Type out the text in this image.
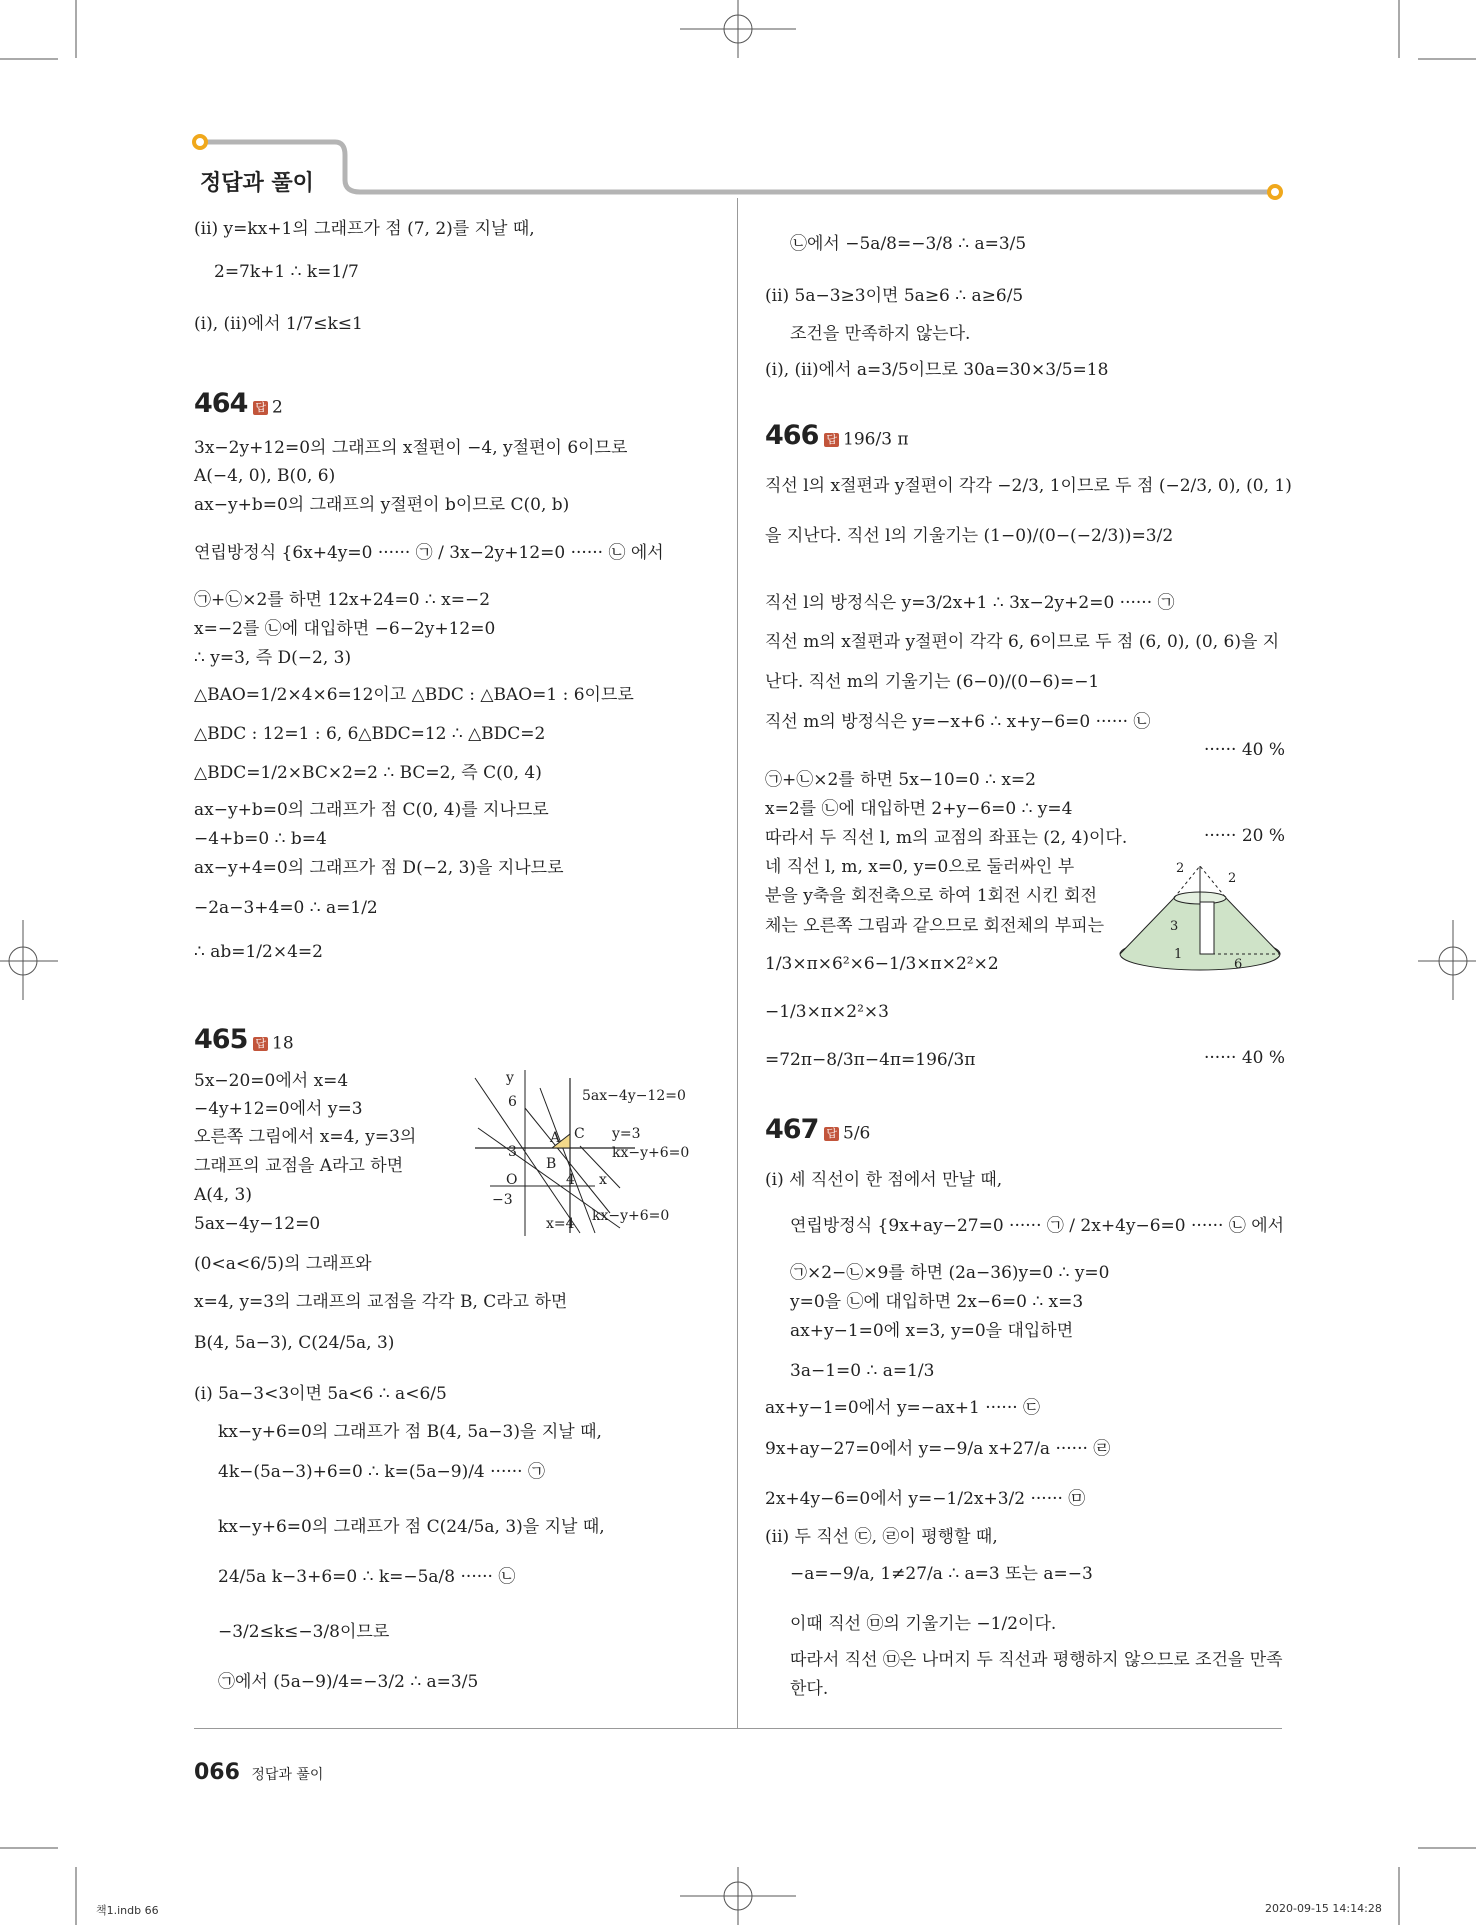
정답과 풀이
(ii) y=kx+1의 그래프가 점 (7, 2)를 지날 때,
2=7k+1 ∴ k=1/7
(i), (ii)에서 1/7≤k≤1
464 답 2
3x−2y+12=0의 그래프의 x절편이 −4, y절편이 6이므로
A(−4, 0), B(0, 6)
ax−y+b=0의 그래프의 y절편이 b이므로 C(0, b)
연립방정식 {6x+4y=0 ······ ㉠ / 3x−2y+12=0 ······ ㉡ 에서
㉠+㉡×2를 하면 12x+24=0 ∴ x=−2
x=−2를 ㉡에 대입하면 −6−2y+12=0
∴ y=3, 즉 D(−2, 3)
△BAO=1/2×4×6=12이고 △BDC : △BAO=1 : 6이므로
△BDC : 12=1 : 6, 6△BDC=12 ∴ △BDC=2
△BDC=1/2×BC×2=2 ∴ BC=2, 즉 C(0, 4)
ax−y+b=0의 그래프가 점 C(0, 4)를 지나므로
−4+b=0 ∴ b=4
ax−y+4=0의 그래프가 점 D(−2, 3)을 지나므로
−2a−3+4=0 ∴ a=1/2
∴ ab=1/2×4=2
465 답 18
5x−20=0에서 x=4
−4y+12=0에서 y=3
오른쪽 그림에서 x=4, y=3의
그래프의 교점을 A라고 하면
A(4, 3)
5ax−4y−12=0
(0<a<6/5)의 그래프와
x=4, y=3의 그래프의 교점을 각각 B, C라고 하면
B(4, 5a−3), C(24/5a, 3)
(i) 5a−3<3이면 5a<6 ∴ a<6/5
kx−y+6=0의 그래프가 점 B(4, 5a−3)을 지날 때,
4k−(5a−3)+6=0 ∴ k=(5a−9)/4 ······ ㉠
kx−y+6=0의 그래프가 점 C(24/5a, 3)을 지날 때,
24/5a k−3+6=0 ∴ k=−5a/8 ······ ㉡
−3/2≤k≤−3/8이므로
㉠에서 (5a−9)/4=−3/2 ∴ a=3/5
y
6	5ax−4y−12=0
A C y=3
3
B
kx−y+6=0
O	4 x
−3
x=4 kx−y+6=0
㉡에서 −5a/8=−3/8 ∴ a=3/5
(ii) 5a−3≥3이면 5a≥6 ∴ a≥6/5
조건을 만족하지 않는다.
(i), (ii)에서 a=3/5이므로 30a=30×3/5=18
466 답 196/3 π
직선 l의 x절편과 y절편이 각각 −2/3, 1이므로 두 점 (−2/3, 0), (0, 1)
을 지난다. 직선 l의 기울기는 (1−0)/(0−(−2/3))=3/2
직선 l의 방정식은 y=3/2x+1 ∴ 3x−2y+2=0 ······ ㉠
직선 m의 x절편과 y절편이 각각 6, 6이므로 두 점 (6, 0), (0, 6)을 지
난다. 직선 m의 기울기는 (6−0)/(0−6)=−1
직선 m의 방정식은 y=−x+6 ∴ x+y−6=0 ······ ㉡
······ 40 %
㉠+㉡×2를 하면 5x−10=0 ∴ x=2
x=2를 ㉡에 대입하면 2+y−6=0 ∴ y=4
따라서 두 직선 l, m의 교점의 좌표는 (2, 4)이다.	······ 20 %
네 직선 l, m, x=0, y=0으로 둘러싸인 부
분을 y축을 회전축으로 하여 1회전 시킨 회전
체는 오른쪽 그림과 같으므로 회전체의 부피는
1/3×π×6²×6−1/3×π×2²×2
−1/3×π×2²×3
=72π−8/3π−4π=196/3π	······ 40 %
2
2
3
1
6
467 답 5/6
(i) 세 직선이 한 점에서 만날 때,
연립방정식 {9x+ay−27=0 ······ ㉠ / 2x+4y−6=0 ······ ㉡ 에서
㉠×2−㉡×9를 하면 (2a−36)y=0 ∴ y=0
y=0을 ㉡에 대입하면 2x−6=0 ∴ x=3
ax+y−1=0에 x=3, y=0을 대입하면
3a−1=0 ∴ a=1/3
ax+y−1=0에서 y=−ax+1 ······ ㉢
9x+ay−27=0에서 y=−9/a x+27/a ······ ㉣
2x+4y−6=0에서 y=−1/2x+3/2 ······ ㉤
(ii) 두 직선 ㉢, ㉣이 평행할 때,
−a=−9/a, 1≠27/a ∴ a=3 또는 a=−3
이때 직선 ㉤의 기울기는 −1/2이다.
따라서 직선 ㉤은 나머지 두 직선과 평행하지 않으므로 조건을 만족
한다.
066 정답과 풀이
책1.indb 66	2020-09-15 14:14:28
